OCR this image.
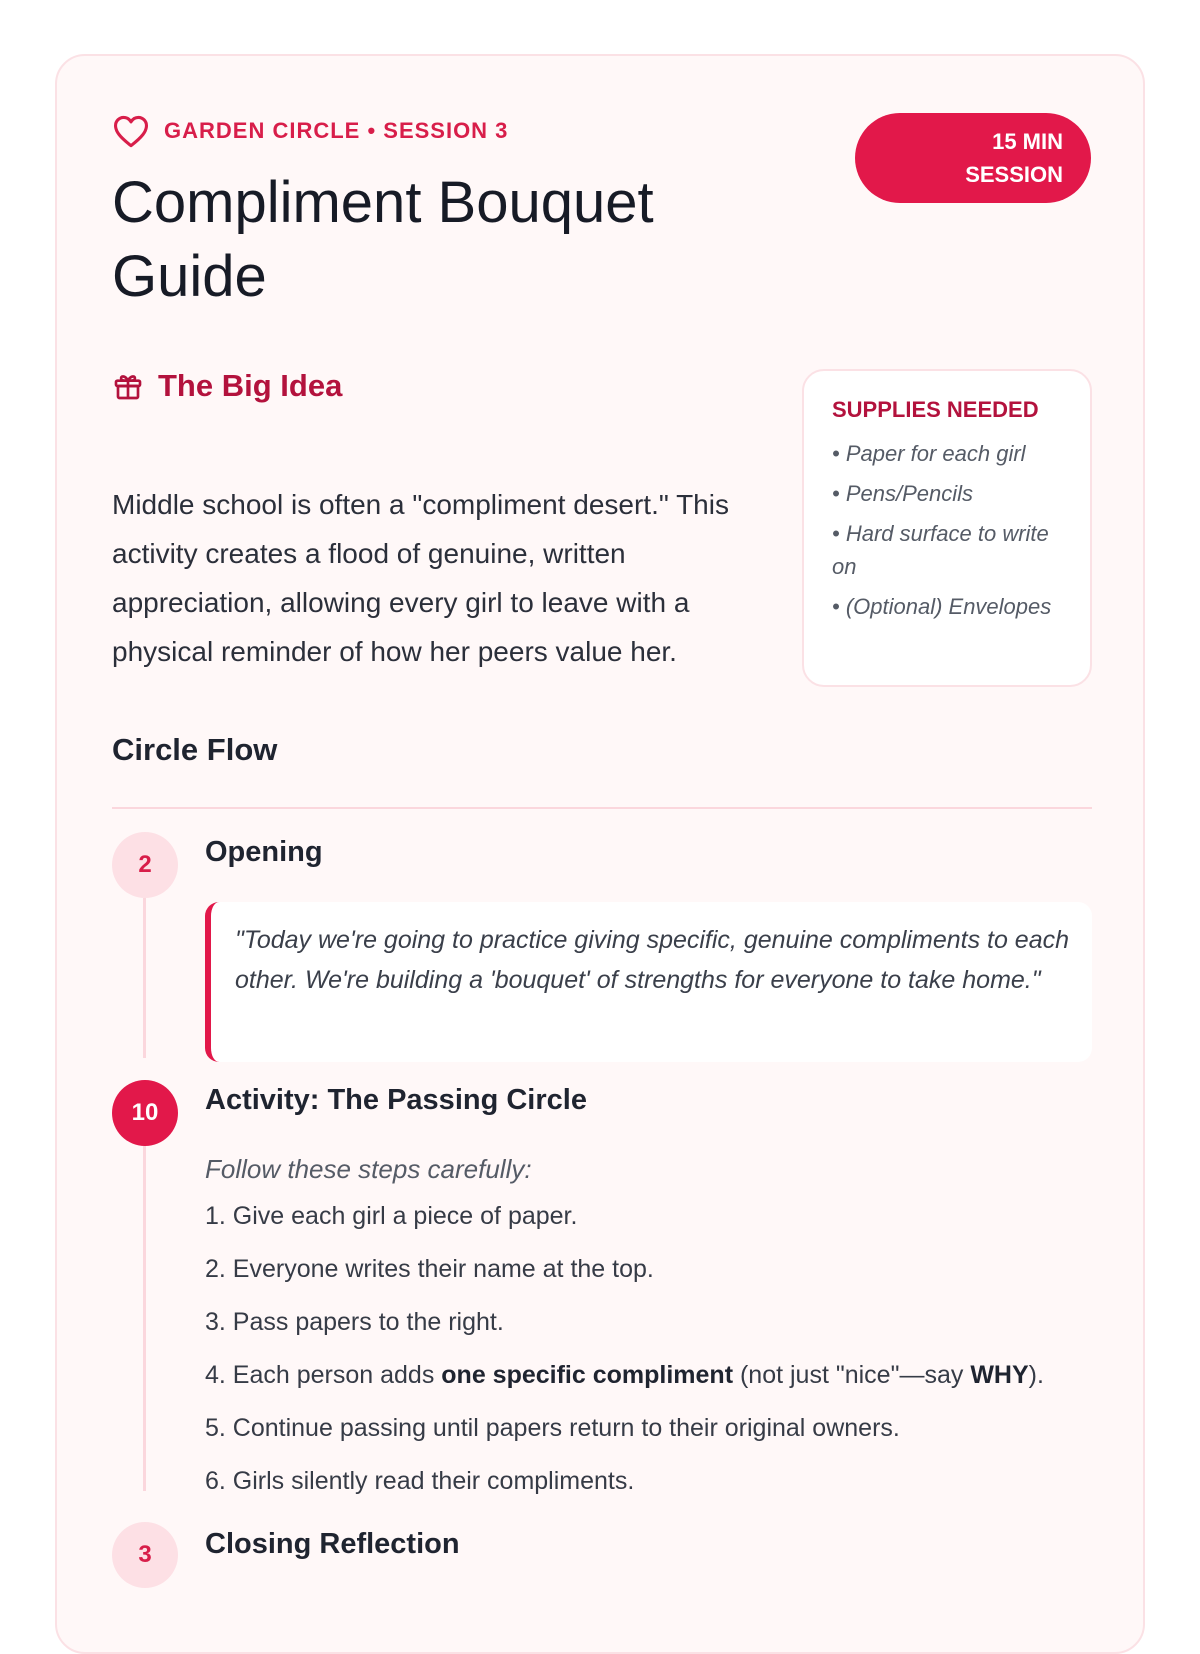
GARDEN CIRCLE • SESSION 3
Compliment Bouquet Guide
15 MIN
SESSION
The Big Idea
Middle school is often a "compliment desert." This activity creates a flood of genuine, written appreciation, allowing every girl to leave with a physical reminder of how her peers value her.
SUPPLIES NEEDED
• Paper for each girl
• Pens/Pencils
• Hard surface to write on
• (Optional) Envelopes
Circle Flow
2	Opening
"Today we're going to practice giving specific, genuine compliments to each other. We're building a 'bouquet' of strengths for everyone to take home."
10	Activity: The Passing Circle
Follow these steps carefully:
1. Give each girl a piece of paper.
2. Everyone writes their name at the top.
3. Pass papers to the right.
4. Each person adds one specific compliment (not just "nice"—say WHY).
5. Continue passing until papers return to their original owners.
6. Girls silently read their compliments.
3	Closing Reflection
